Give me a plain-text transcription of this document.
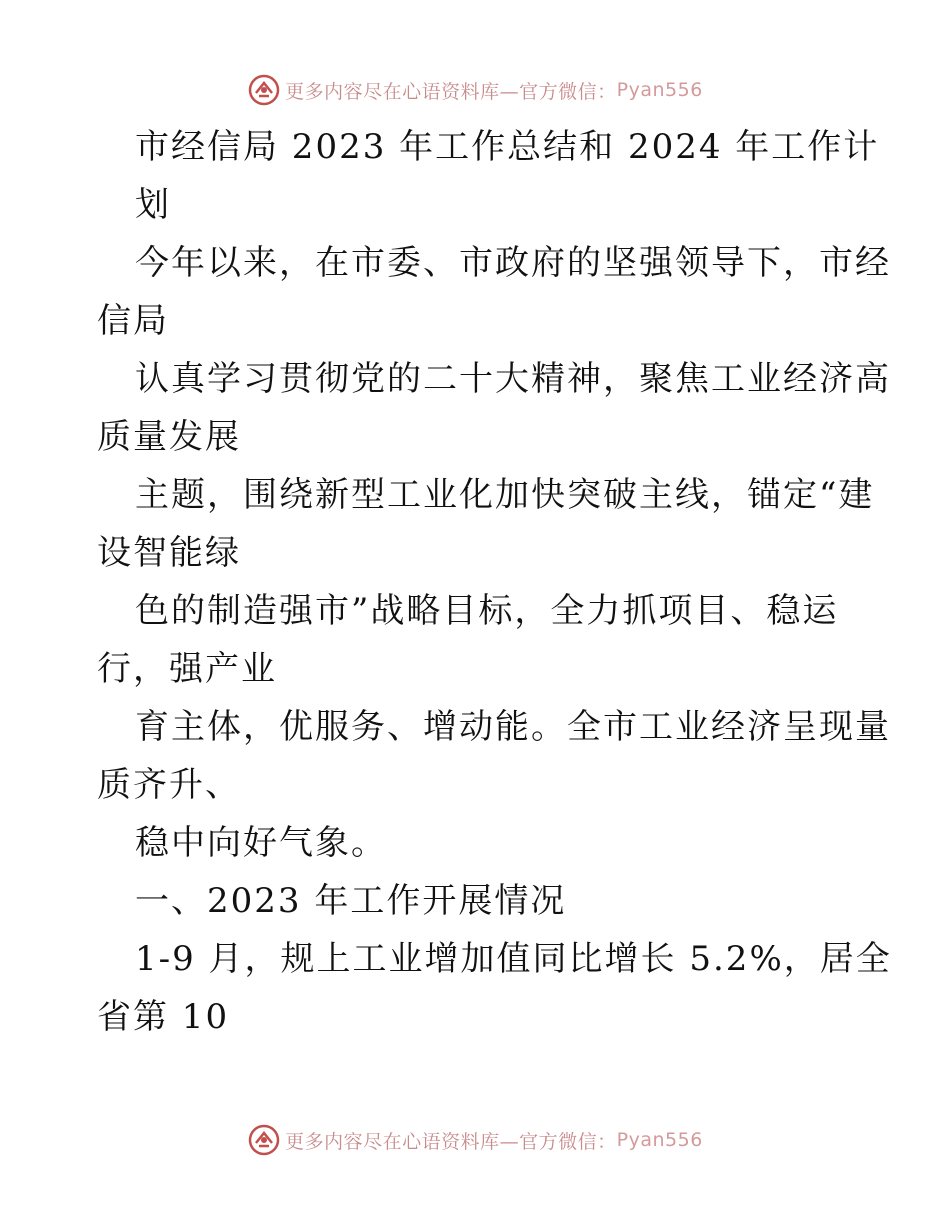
更多内容尽在心语资料库—官方微信： Pyan556
市经信局 2023 年工作总结和 2024 年工作计
划
今年以来，在市委、市政府的坚强领导下，市经
信局
认真学习贯彻党的二十大精神，聚焦工业经济高
质量发展
主题，围绕新型工业化加快突破主线，锚定“建
设智能绿
色的制造强市”战略目标，全力抓项目、稳运
行，强产业
育主体，优服务、增动能。全市工业经济呈现量
质齐升、
稳中向好气象。
一、2023 年工作开展情况
1-9 月，规上工业增加值同比增长 5.2%，居全
省第 10
更多内容尽在心语资料库—官方微信： Pyan556
